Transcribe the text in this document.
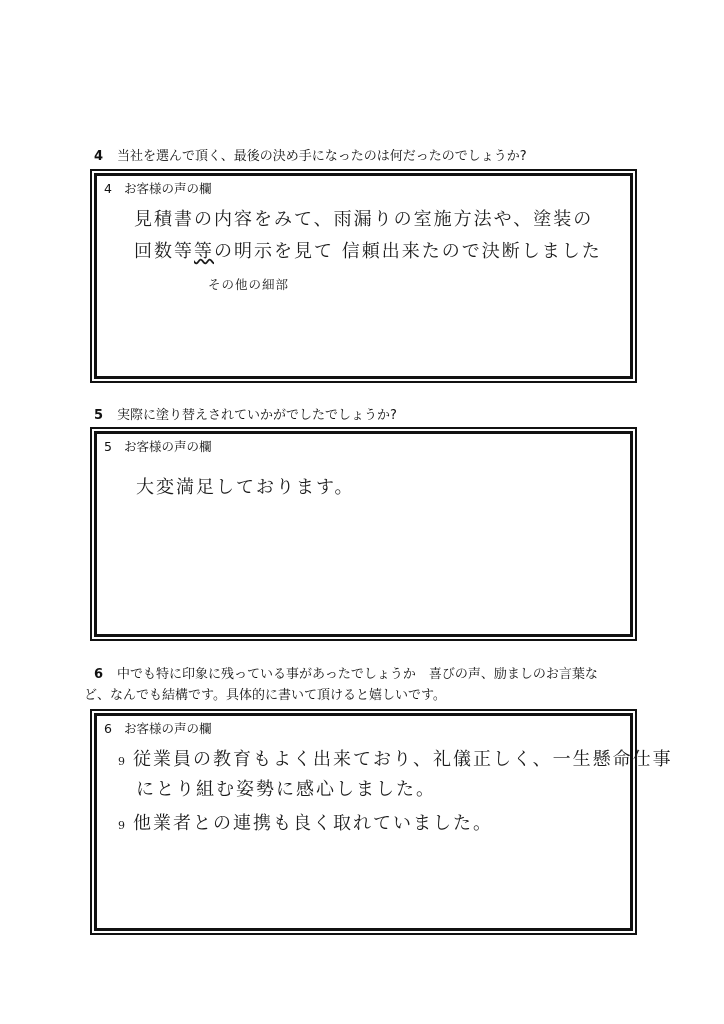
4 当社を選んで頂く、最後の決め手になったのは何だったのでしょうか?
4 お客様の声の欄
見積書の内容をみて、雨漏りの室施方法や、塗装の
回数等等の明示を見て 信頼出来たので決断しました
その他の細部
5 実際に塗り替えされていかがでしたでしょうか?
5 お客様の声の欄
大変満足しております。
6 中でも特に印象に残っている事があったでしょうか　喜びの声、励ましのお言葉な
ど、なんでも結構です。具体的に書いて頂けると嬉しいです。
6 お客様の声の欄
9 従業員の教育もよく出来ており、礼儀正しく、一生懸命仕事
にとり組む姿勢に感心しました。
9 他業者との連携も良く取れていました。
